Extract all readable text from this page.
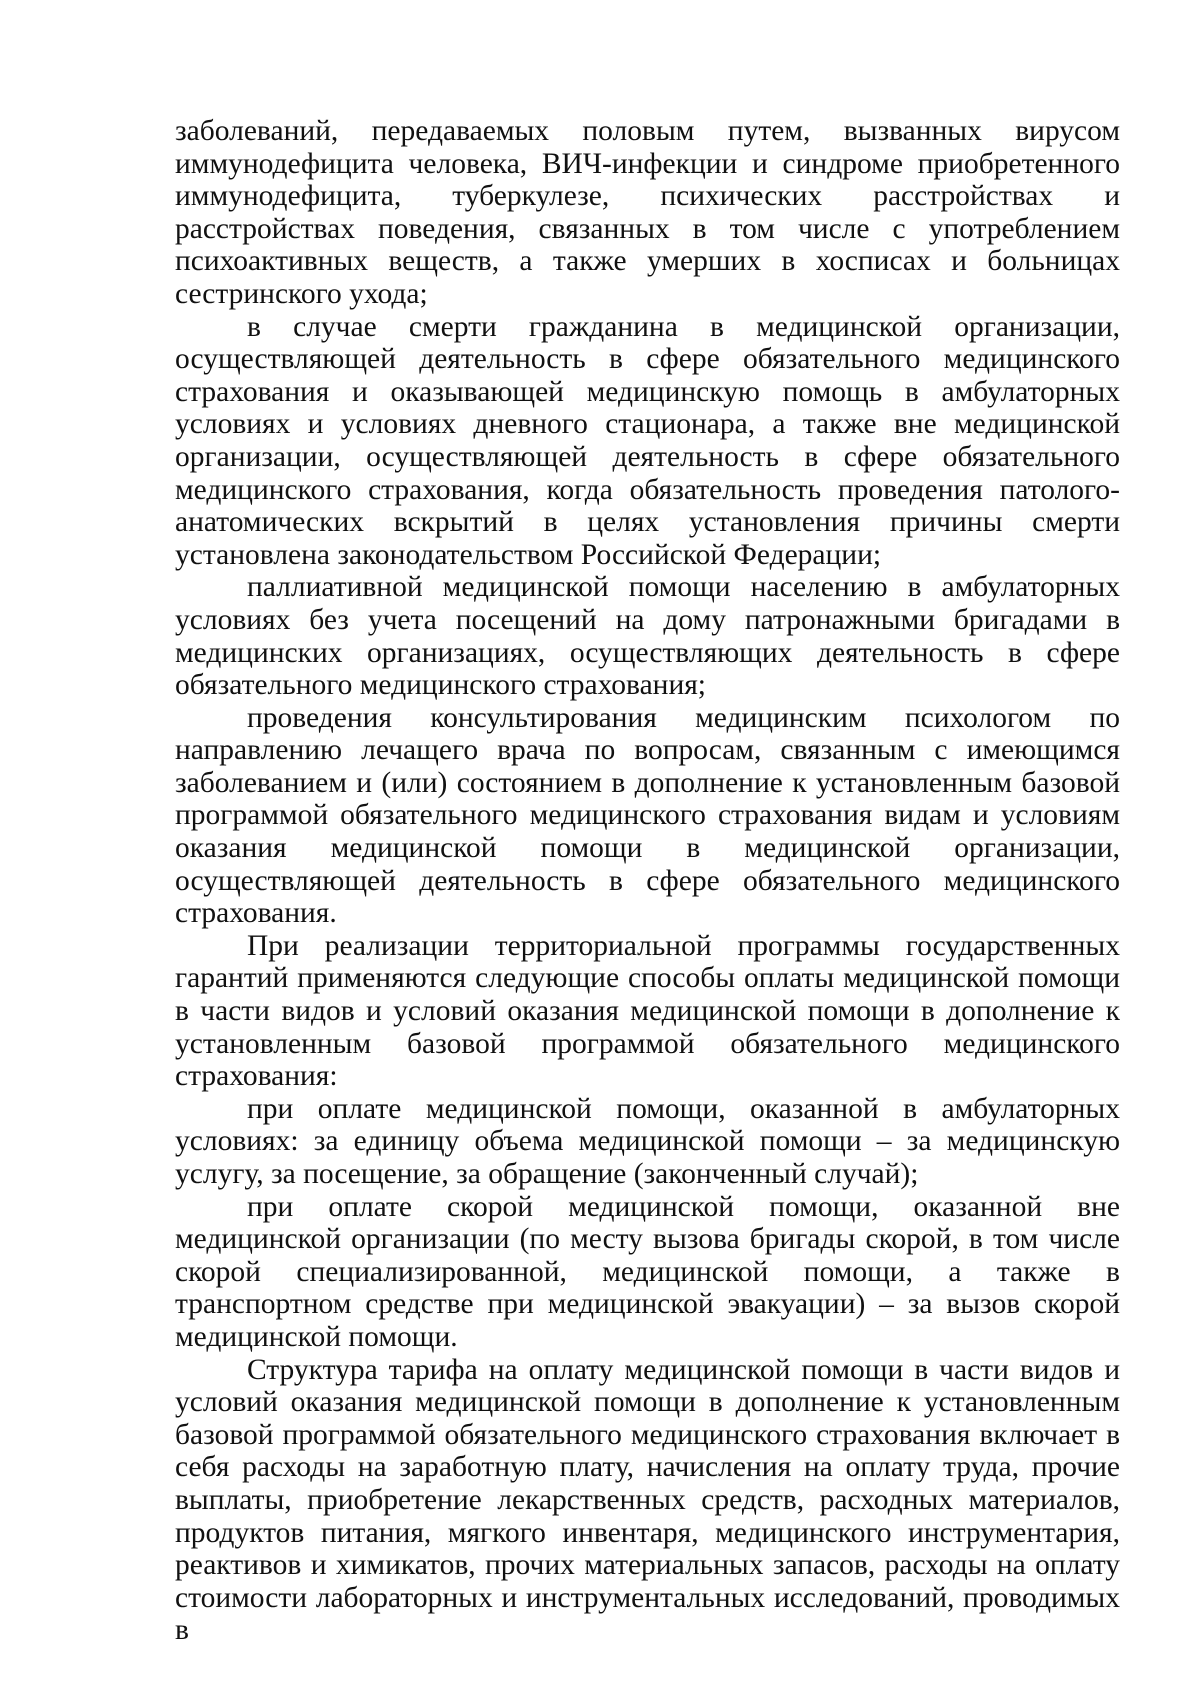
заболеваний, передаваемых половым путем, вызванных вирусом иммунодефицита человека, ВИЧ-инфекции и синдроме приобретенного иммунодефицита, туберкулезе, психических расстройствах и расстройствах поведения, связанных в том числе с употреблением психоактивных веществ, а также умерших в хосписах и больницах сестринского ухода;

в случае смерти гражданина в медицинской организации, осуществляющей деятельность в сфере обязательного медицинского страхования и оказывающей медицинскую помощь в амбулаторных условиях и условиях дневного стационара, а также вне медицинской организации, осуществляющей деятельность в сфере обязательного медицинского страхования, когда обязательность проведения патолого-анатомических вскрытий в целях установления причины смерти установлена законодательством Российской Федерации;

паллиативной медицинской помощи населению в амбулаторных условиях без учета посещений на дому патронажными бригадами в медицинских организациях, осуществляющих деятельность в сфере обязательного медицинского страхования;

проведения консультирования медицинским психологом по направлению лечащего врача по вопросам, связанным с имеющимся заболеванием и (или) состоянием в дополнение к установленным базовой программой обязательного медицинского страхования видам и условиям оказания медицинской помощи в медицинской организации, осуществляющей деятельность в сфере обязательного медицинского страхования.

При реализации территориальной программы государственных гарантий применяются следующие способы оплаты медицинской помощи в части видов и условий оказания медицинской помощи в дополнение к установленным базовой программой обязательного медицинского страхования:

при оплате медицинской помощи, оказанной в амбулаторных условиях: за единицу объема медицинской помощи – за медицинскую услугу, за посещение, за обращение (законченный случай);

при оплате скорой медицинской помощи, оказанной вне медицинской организации (по месту вызова бригады скорой, в том числе скорой специализированной, медицинской помощи, а также в транспортном средстве при медицинской эвакуации) – за вызов скорой медицинской помощи.

Структура тарифа на оплату медицинской помощи в части видов и условий оказания медицинской помощи в дополнение к установленным базовой программой обязательного медицинского страхования включает в себя расходы на заработную плату, начисления на оплату труда, прочие выплаты, приобретение лекарственных средств, расходных материалов, продуктов питания, мягкого инвентаря, медицинского инструментария, реактивов и химикатов, прочих материальных запасов, расходы на оплату стоимости лабораторных и инструментальных исследований, проводимых в
